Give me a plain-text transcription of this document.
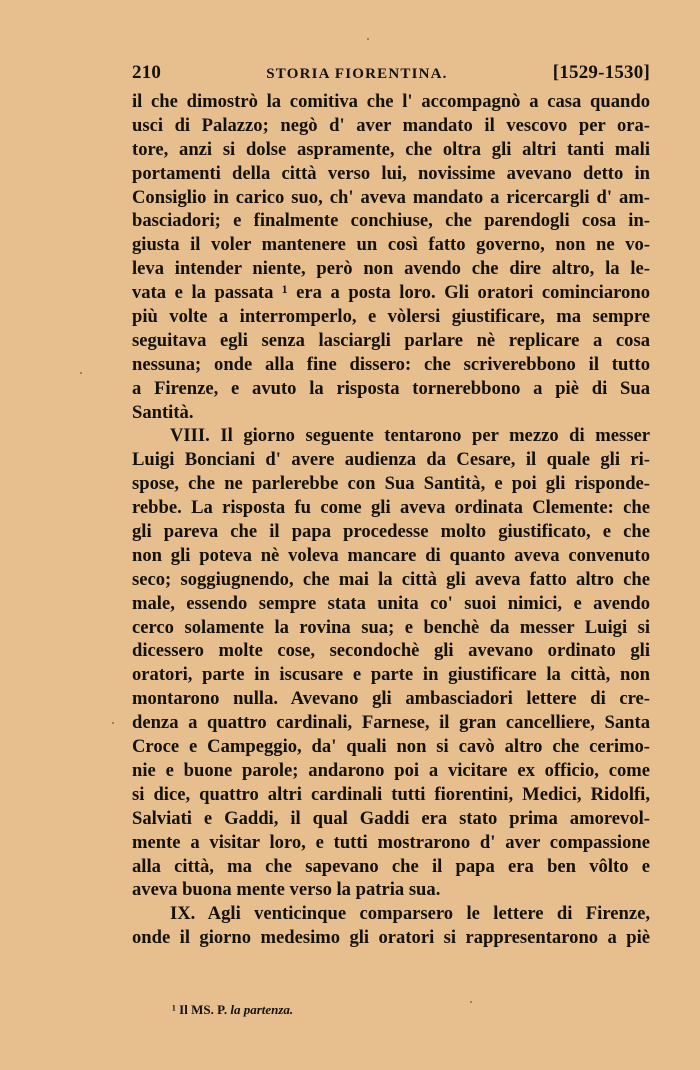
210	STORIA FIORENTINA.	[1529-1530]
il che dimostrò la comitiva che l' accompagnò a casa quando
usci di Palazzo; negò d' aver mandato il vescovo per ora-
tore, anzi si dolse aspramente, che oltra gli altri tanti mali
portamenti della città verso lui, novissime avevano detto in
Consiglio in carico suo, ch' aveva mandato a ricercargli d' am-
basciadori; e finalmente conchiuse, che parendogli cosa in-
giusta il voler mantenere un così fatto governo, non ne vo-
leva intender niente, però non avendo che dire altro, la le-
vata e la passata ¹ era a posta loro. Gli oratori cominciarono
più volte a interromperlo, e vòlersi giustificare, ma sempre
seguitava egli senza lasciargli parlare nè replicare a cosa
nessuna; onde alla fine dissero: che scriverebbono il tutto
a Firenze, e avuto la risposta tornerebbono a piè di Sua
Santità.
VIII. Il giorno seguente tentarono per mezzo di messer
Luigi Bonciani d' avere audienza da Cesare, il quale gli ri-
spose, che ne parlerebbe con Sua Santità, e poi gli risponde-
rebbe. La risposta fu come gli aveva ordinata Clemente: che
gli pareva che il papa procedesse molto giustificato, e che
non gli poteva nè voleva mancare di quanto aveva convenuto
seco; soggiugnendo, che mai la città gli aveva fatto altro che
male, essendo sempre stata unita co' suoi nimici, e avendo
cerco solamente la rovina sua; e benchè da messer Luigi si
dicessero molte cose, secondochè gli avevano ordinato gli
oratori, parte in iscusare e parte in giustificare la città, non
montarono nulla. Avevano gli ambasciadori lettere di cre-
denza a quattro cardinali, Farnese, il gran cancelliere, Santa
Croce e Campeggio, da' quali non si cavò altro che cerimo-
nie e buone parole; andarono poi a vicitare ex officio, come
si dice, quattro altri cardinali tutti fiorentini, Medici, Ridolfi,
Salviati e Gaddi, il qual Gaddi era stato prima amorevol-
mente a visitar loro, e tutti mostrarono d' aver compassione
alla città, ma che sapevano che il papa era ben vôlto e
aveva buona mente verso la patria sua.
IX. Agli venticinque comparsero le lettere di Firenze,
onde il giorno medesimo gli oratori si rappresentarono a piè
¹ Il MS. P. la partenza.
